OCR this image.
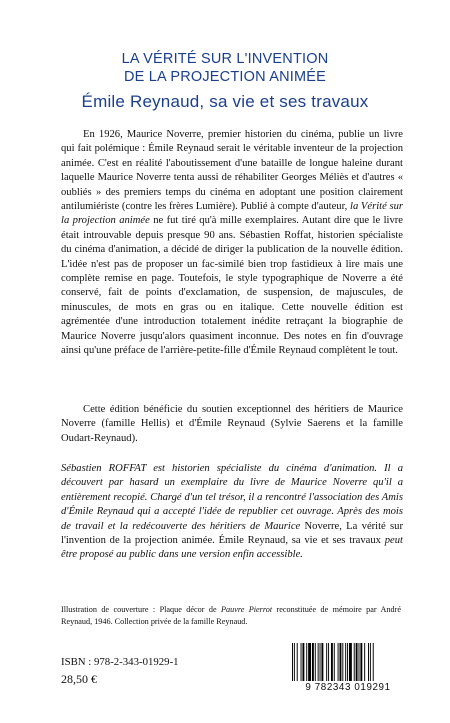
LA VÉRITÉ SUR L'INVENTION
DE LA PROJECTION ANIMÉE
Émile Reynaud, sa vie et ses travaux

En 1926, Maurice Noverre, premier historien du cinéma, publie un livre qui fait polémique : Émile Reynaud serait le véritable inventeur de la projection animée. C'est en réalité l'aboutissement d'une bataille de longue haleine durant laquelle Maurice Noverre tenta aussi de réhabiliter Georges Méliès et d'autres « oubliés » des premiers temps du cinéma en adoptant une position clairement antilumiériste (contre les frères Lumière). Publié à compte d'auteur, la Vérité sur la projection animée ne fut tiré qu'à mille exemplaires. Autant dire que le livre était introuvable depuis presque 90 ans. Sébastien Roffat, historien spécialiste du cinéma d'animation, a décidé de diriger la publication de la nouvelle édition. L'idée n'est pas de proposer un fac-similé bien trop fastidieux à lire mais une complète remise en page. Toutefois, le style typographique de Noverre a été conservé, fait de points d'exclamation, de suspension, de majuscules, de minuscules, de mots en gras ou en italique. Cette nouvelle édition est agrémentée d'une introduction totalement inédite retraçant la biographie de Maurice Noverre jusqu'alors quasiment inconnue. Des notes en fin d'ouvrage ainsi qu'une préface de l'arrière-petite-fille d'Émile Reynaud complètent le tout.

Cette édition bénéficie du soutien exceptionnel des héritiers de Maurice Noverre (famille Hellis) et d'Émile Reynaud (Sylvie Saerens et la famille Oudart-Reynaud).

Sébastien ROFFAT est historien spécialiste du cinéma d'animation. Il a découvert par hasard un exemplaire du livre de Maurice Noverre qu'il a entièrement recopié. Chargé d'un tel trésor, il a rencontré l'association des Amis d'Émile Reynaud qui a accepté l'idée de republier cet ouvrage. Après des mois de travail et la redécouverte des héritiers de Maurice Noverre, La vérité sur l'invention de la projection animée. Émile Reynaud, sa vie et ses travaux peut être proposé au public dans une version enfin accessible.
Illustration de couverture : Plaque décor de Pauvre Pierrot reconstituée de mémoire par André Reynaud, 1946. Collection privée de la famille Reynaud.
ISBN : 978-2-343-01929-1
28,50 €
9 782343 019291
